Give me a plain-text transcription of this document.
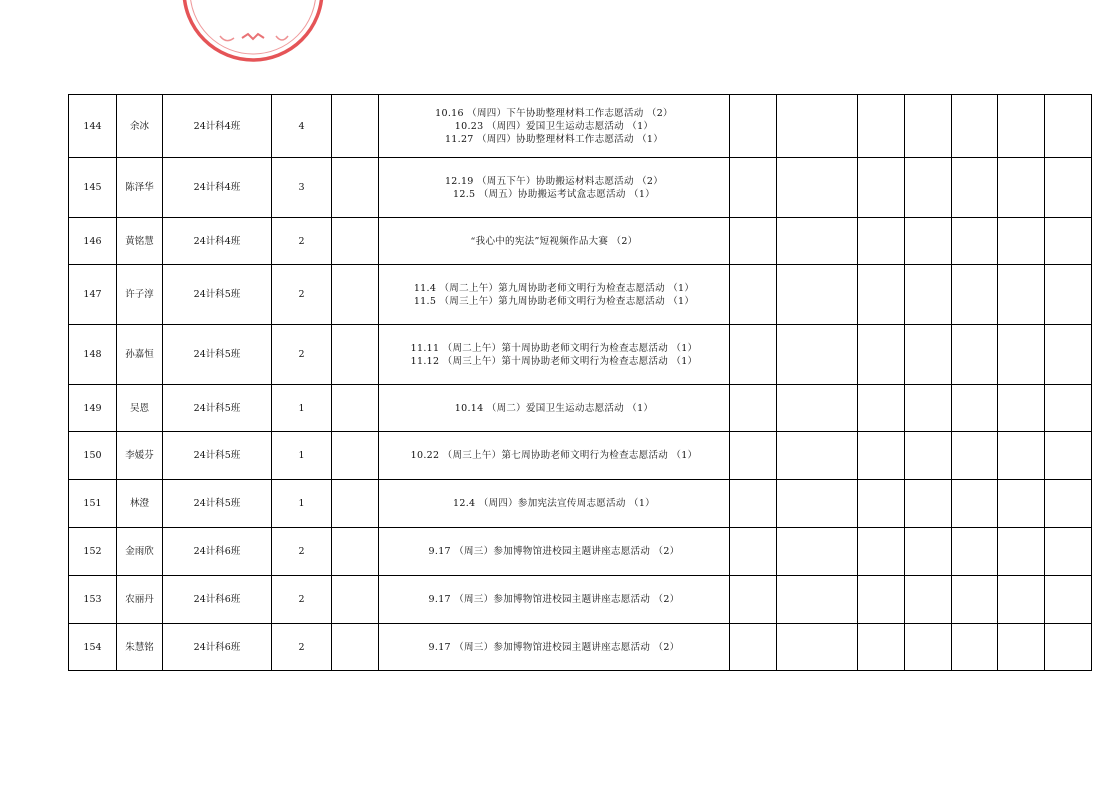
144	余冰	24计科4班	4		10.16 （周四）下午协助整理材料工作志愿活动 （2）
10.23 （周四）爱国卫生运动志愿活动 （1）
11.27 （周四）协助整理材料工作志愿活动 （1）							

145	陈泽华	24计科4班	3		12.19 （周五下午）协助搬运材料志愿活动 （2）
12.5 （周五）协助搬运考试盒志愿活动 （1）							

146	黄铭慧	24计科4班	2		“我心中的宪法”短视频作品大赛 （2）							

147	许子淳	24计科5班	2		11.4 （周二上午）第九周协助老师文明行为检查志愿活动 （1）
11.5 （周三上午）第九周协助老师文明行为检查志愿活动 （1）							

148	孙嘉恒	24计科5班	2		11.11 （周二上午）第十周协助老师文明行为检查志愿活动 （1）
11.12 （周三上午）第十周协助老师文明行为检查志愿活动 （1）							

149	吴恩	24计科5班	1		10.14 （周二）爱国卫生运动志愿活动 （1）							

150	李媛芬	24计科5班	1		10.22 （周三上午）第七周协助老师文明行为检查志愿活动 （1）							

151	林澄	24计科5班	1		12.4 （周四）参加宪法宣传周志愿活动 （1）							

152	金雨欣	24计科6班	2		9.17 （周三）参加博物馆进校园主题讲座志愿活动 （2）							

153	农丽丹	24计科6班	2		9.17 （周三）参加博物馆进校园主题讲座志愿活动 （2）							

154	朱慧铭	24计科6班	2		9.17 （周三）参加博物馆进校园主题讲座志愿活动 （2）							
